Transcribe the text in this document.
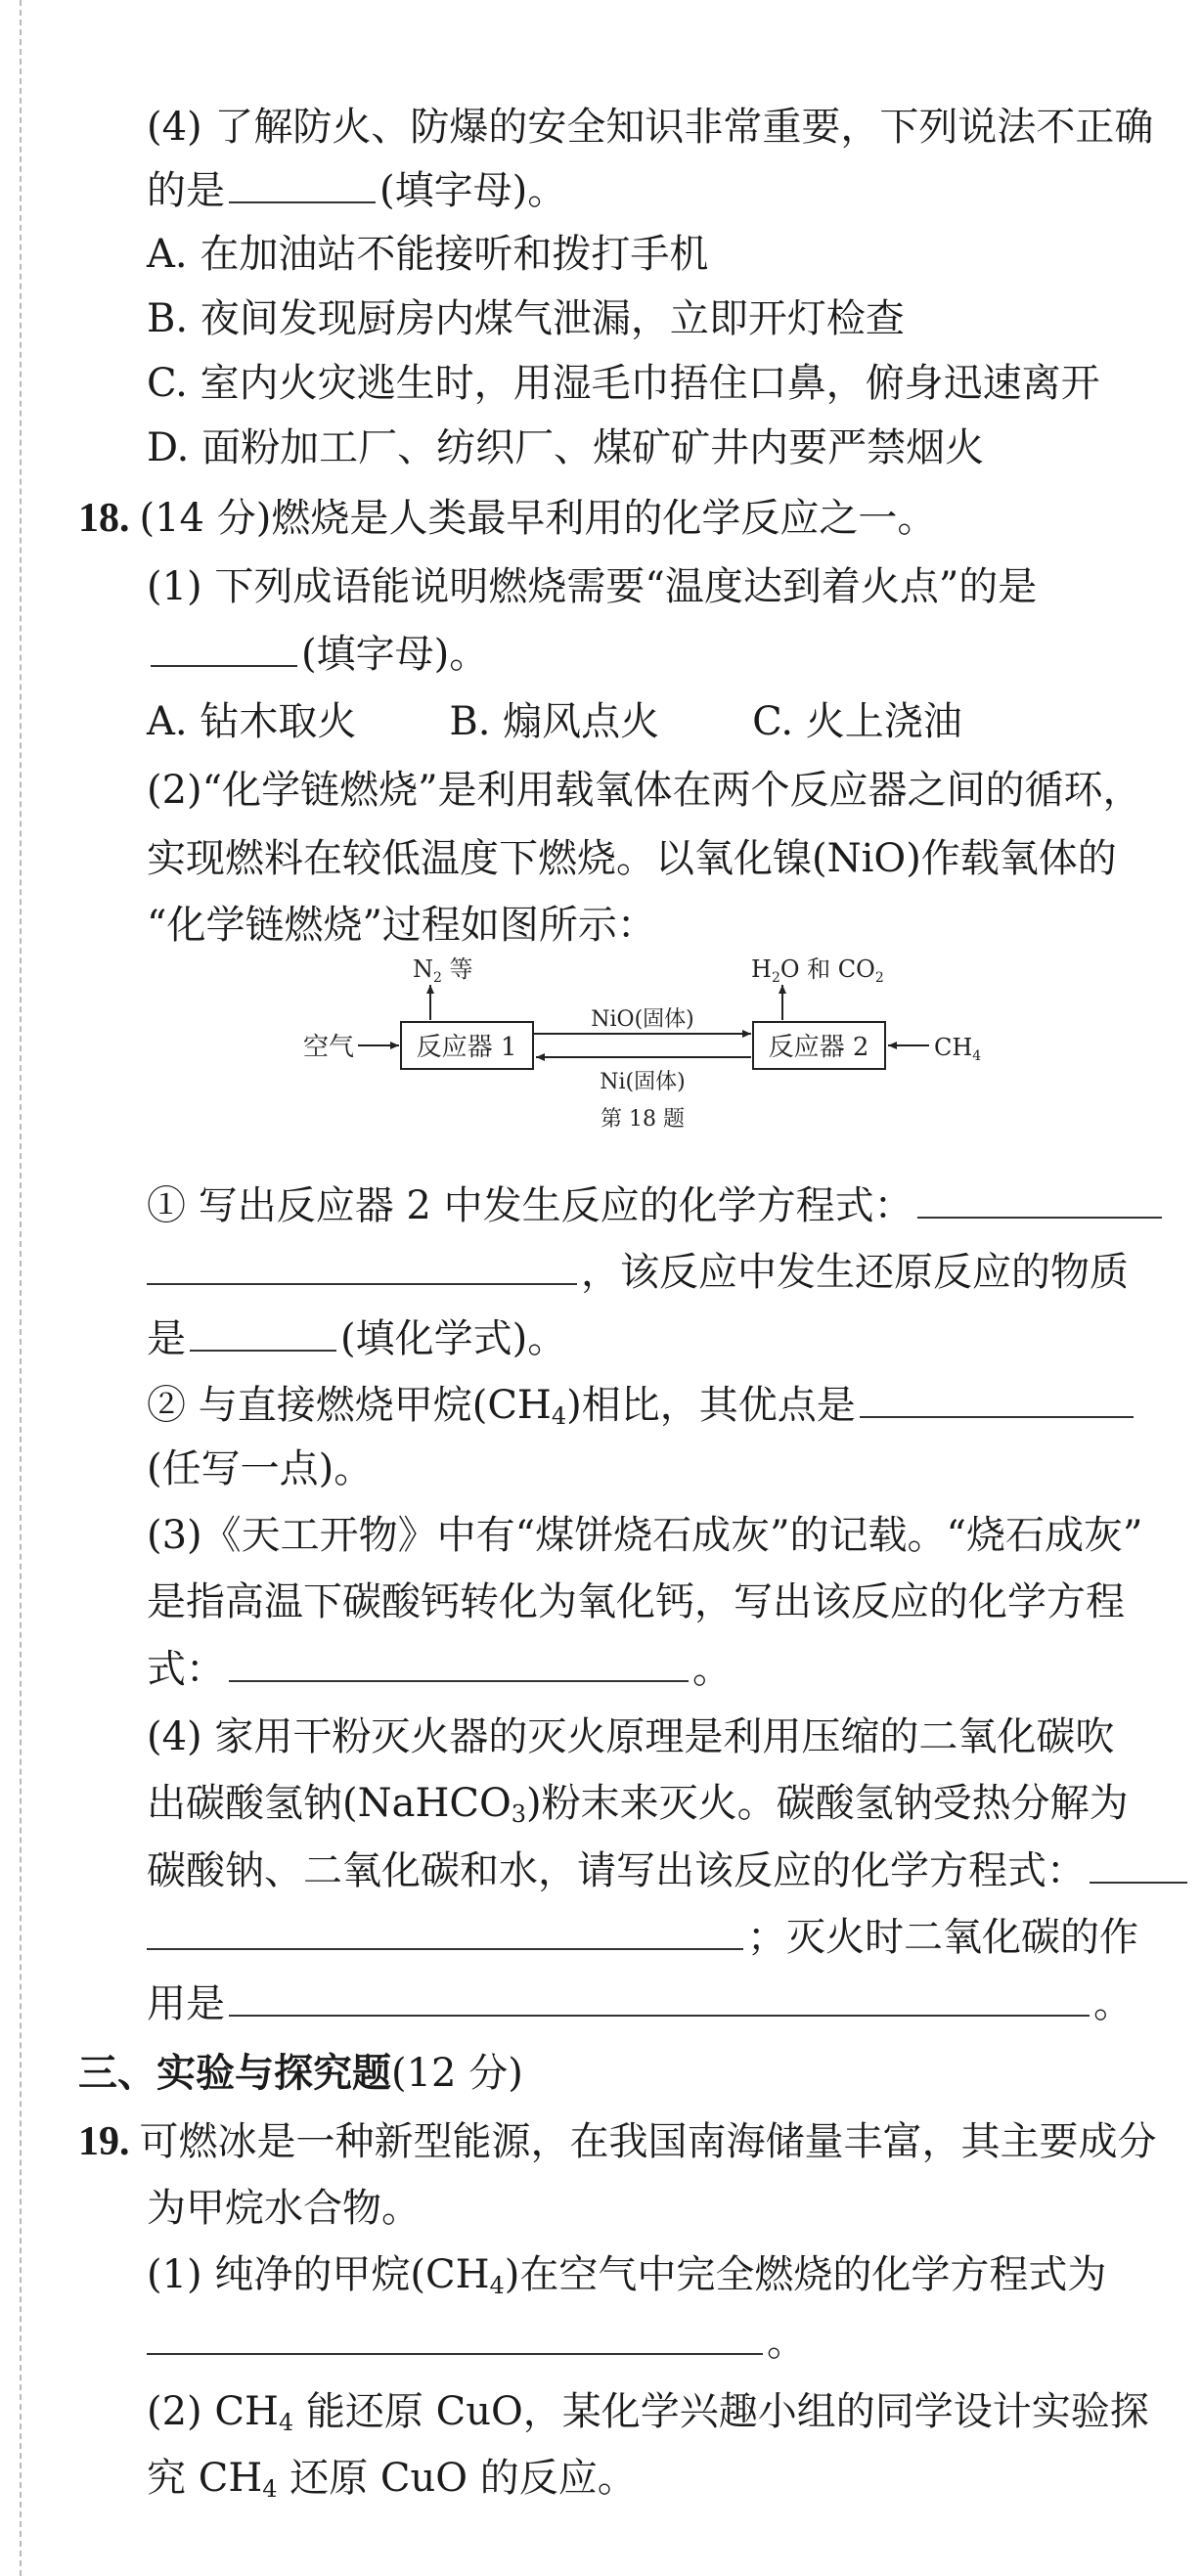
(4) 了解防火、防爆的安全知识非常重要，下列说法不正确
的是	(填字母)。
A. 在加油站不能接听和拨打手机
B. 夜间发现厨房内煤气泄漏，立即开灯检查
C. 室内火灾逃生时，用湿毛巾捂住口鼻，俯身迅速离开
D. 面粉加工厂、纺织厂、煤矿矿井内要严禁烟火
18. (14 分)燃烧是人类最早利用的化学反应之一。
(1) 下列成语能说明燃烧需要“温度达到着火点”的是
(填字母)。
A. 钻木取火 B. 煽风点火 C. 火上浇油
(2)“化学链燃烧”是利用载氧体在两个反应器之间的循环，
实现燃料在较低温度下燃烧。以氧化镍(NiO)作载氧体的
“化学链燃烧”过程如图所示：
反应器 1	反应器 2
空气
$N_2$ 等	$H_2O$ 和 $CO_2$
$CH_4$
NiO(固体)
Ni(固体)
第 18 题
① 写出反应器 2 中发生反应的化学方程式：
，该反应中发生还原反应的物质
是	(填化学式)。
② 与直接燃烧甲烷$(CH_4)$相比，其优点是
(任写一点)。
(3)《天工开物》中有“煤饼烧石成灰”的记载。“烧石成灰”
是指高温下碳酸钙转化为氧化钙，写出该反应的化学方程
式：	。
(4) 家用干粉灭火器的灭火原理是利用压缩的二氧化碳吹
出碳酸氢钠(NaHCO$_3$)粉末来灭火。碳酸氢钠受热分解为
碳酸钠、二氧化碳和水，请写出该反应的化学方程式：
；灭火时二氧化碳的作
用是	。
三、实验与探究题(12 分)
19. 可燃冰是一种新型能源，在我国南海储量丰富，其主要成分
为甲烷水合物。
(1) 纯净的甲烷$(CH_4)$在空气中完全燃烧的化学方程式为
。
(2) $CH_4$ 能还原 CuO，某化学兴趣小组的同学设计实验探
究 $CH_4$ 还原 CuO 的反应。
